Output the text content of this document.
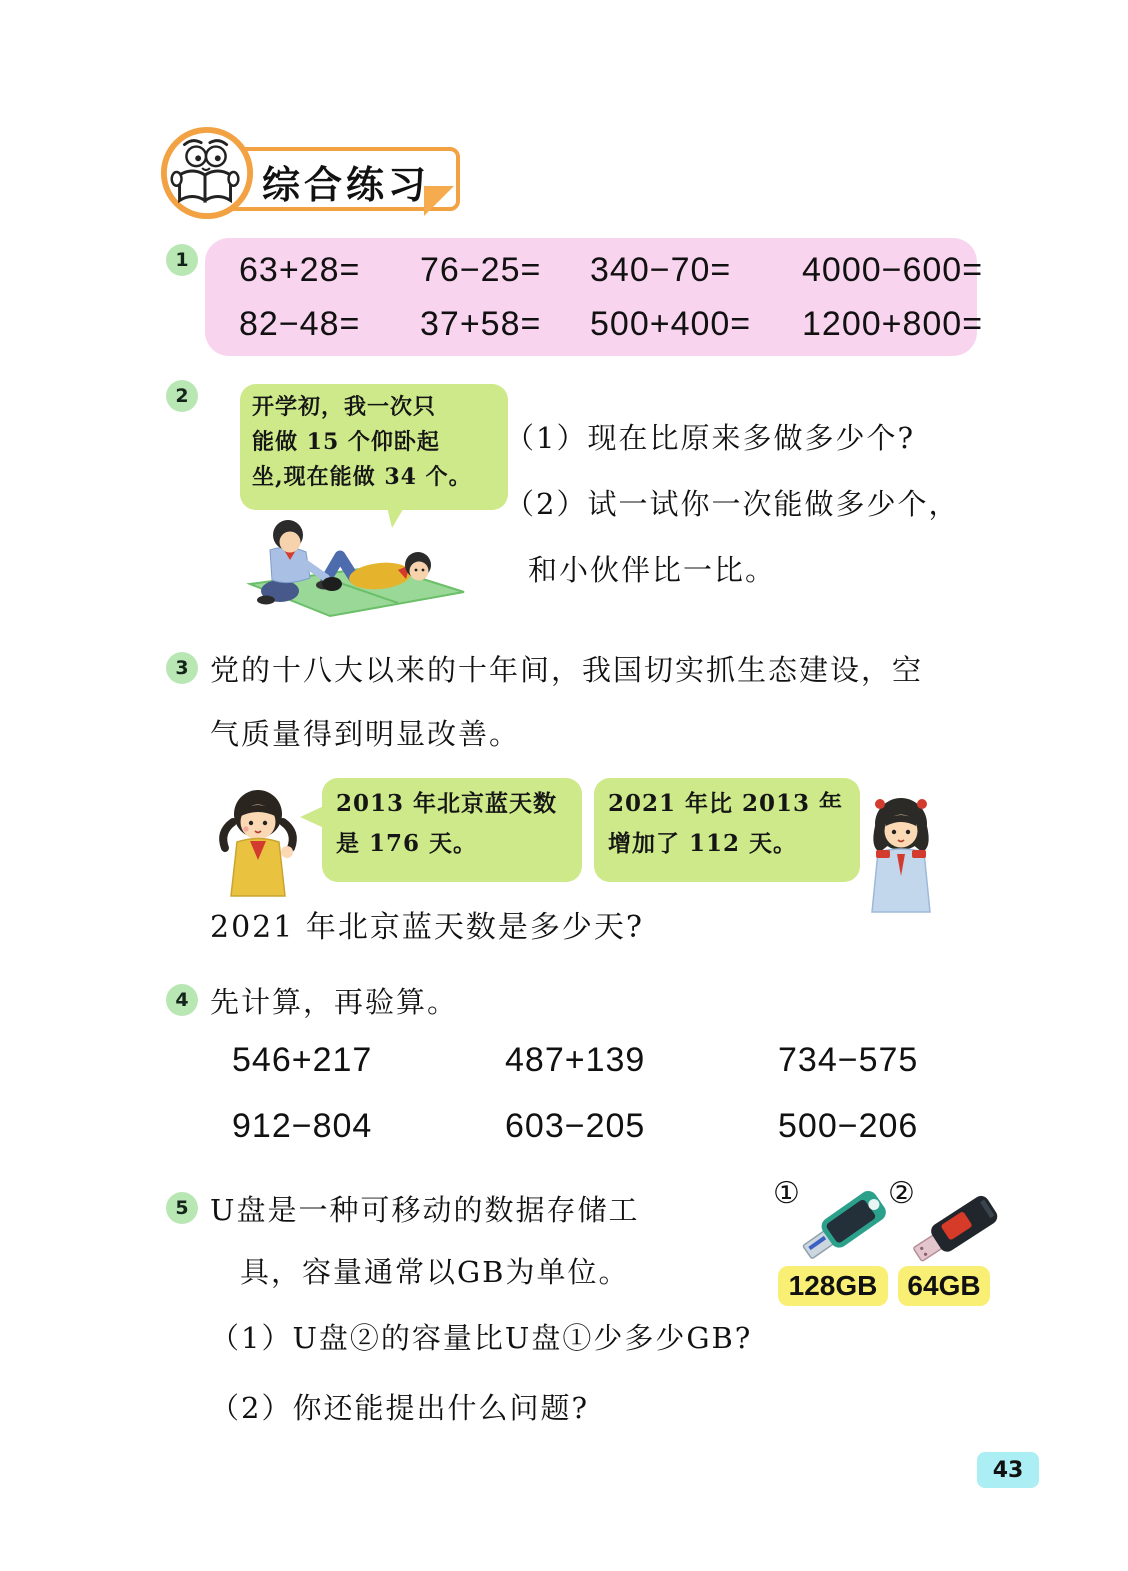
综合练习
1 63+28=	76−25=	340−70=	4000−600=
82−48=	37+58=	500+400=	1200+800=
2	开学初，我一次只
能做 15 个仰卧起
坐,现在能做 34 个。
（1）现在比原来多做多少个?
（2）试一试你一次能做多少个，
和小伙伴比一比。
3 党的十八大以来的十年间，我国切实抓生态建设，空
气质量得到明显改善。
2013 年北京蓝天数
是 176 天。
2021 年比 2013 年
增加了 112 天。
2021 年北京蓝天数是多少天?
4 先计算，再验算。
546+217	487+139	734−575
912−804	603−205	500−206
5 U盘是一种可移动的数据存储工
具，容量通常以GB为单位。
①	②
128GB	64GB
（1）U盘②的容量比U盘①少多少GB?
（2）你还能提出什么问题?
43
